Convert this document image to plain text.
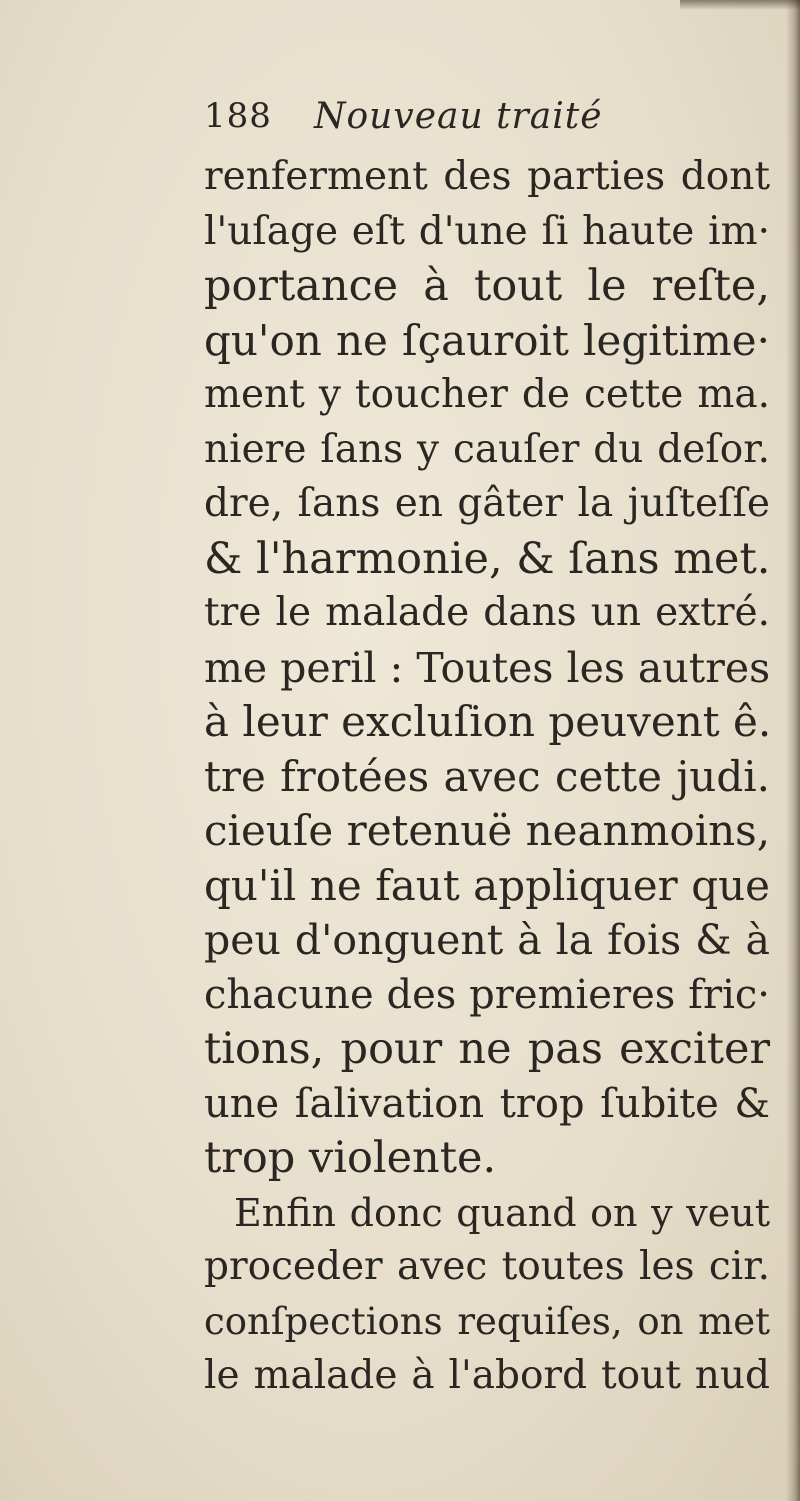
188 Nouveau traité
renferment des parties dont
l'uſage eſt d'une ſi haute im·
portance à tout le reſte,
qu'on ne ſçauroit legitime·
ment y toucher de cette ma.
niere ſans y cauſer du deſor.
dre, ſans en gâter la juſteſſe
& l'harmonie, & ſans met.
tre le malade dans un extré.
me peril : Toutes les autres
à leur excluſion peuvent ê.
tre frotées avec cette judi.
cieuſe retenuë neanmoins,
qu'il ne faut appliquer que
peu d'onguent à la fois & à
chacune des premieres fric·
tions, pour ne pas exciter
une ſalivation trop ſubite &
trop violente.
Enfin donc quand on y veut
proceder avec toutes les cir.
conſpections requiſes, on met
le malade à l'abord tout nud
